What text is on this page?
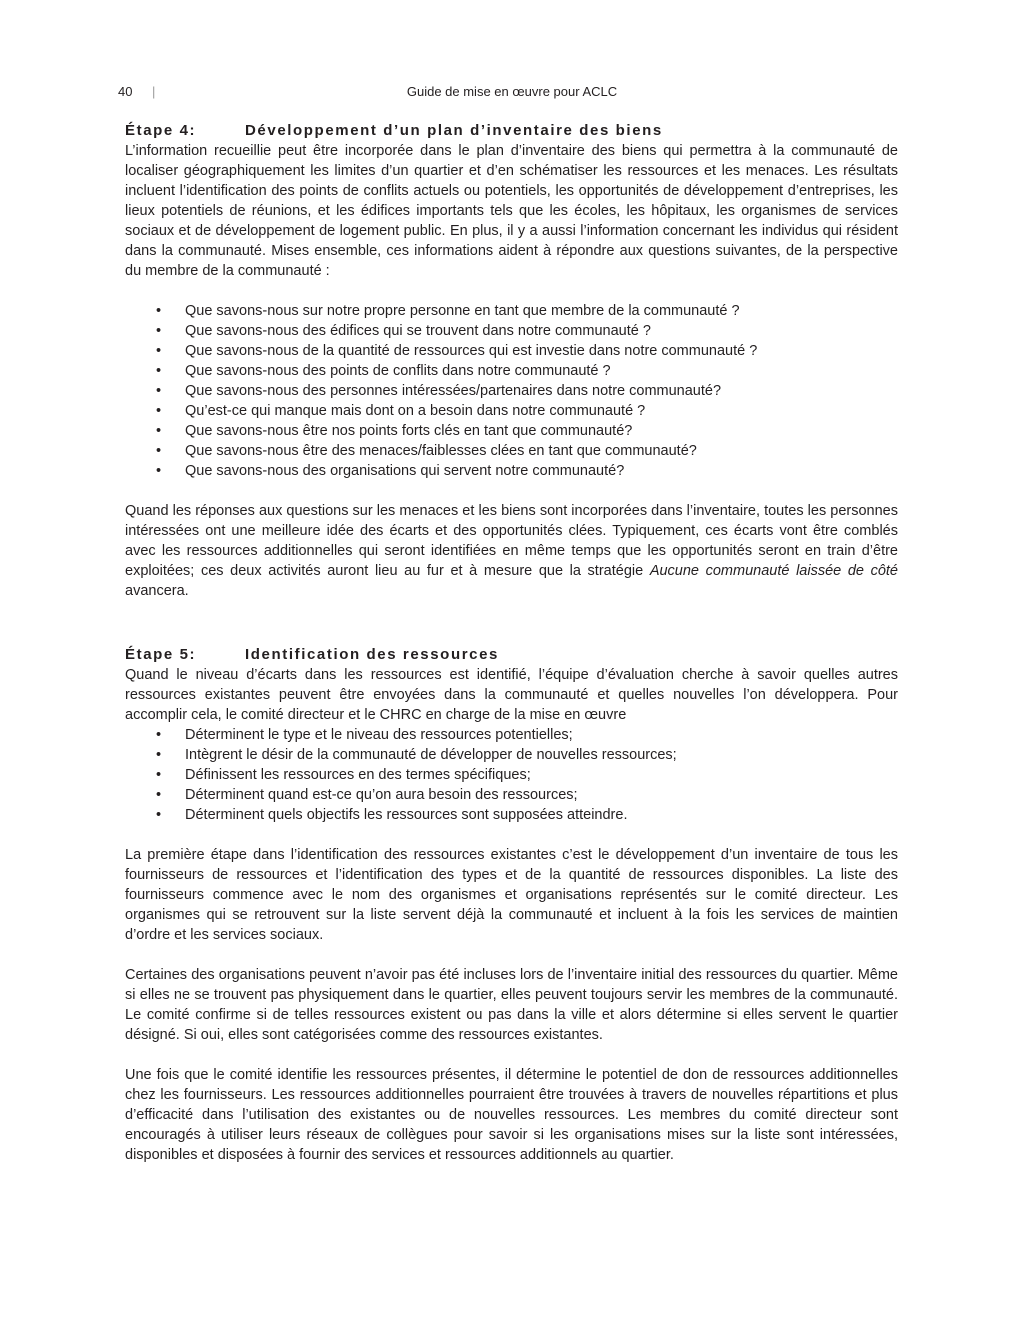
40 |	Guide de mise en œuvre pour ACLC
Étape 4:	Développement d’un plan d’inventaire des biens

L’information recueillie peut être incorporée dans le plan d’inventaire des biens qui permettra à la communauté de localiser géographiquement les limites d’un quartier et d’en schématiser les ressources et les menaces. Les résultats incluent l’identification des points de conflits actuels ou potentiels, les opportunités de développement d’entreprises, les lieux potentiels de réunions, et les édifices importants tels que les écoles, les hôpitaux, les organismes de services sociaux et de développement de logement public. En plus, il y a aussi l’information concernant les individus qui résident dans la communauté. Mises ensemble, ces informations aident à répondre aux questions suivantes, de la perspective du membre de la communauté :

• Que savons-nous sur notre propre personne en tant que membre de la communauté ?
• Que savons-nous des édifices qui se trouvent dans notre communauté ?
• Que savons-nous de la quantité de ressources qui est investie dans notre communauté ?
• Que savons-nous des points de conflits dans notre communauté ?
• Que savons-nous des personnes intéressées/partenaires dans notre communauté?
• Qu’est-ce qui manque mais dont on a besoin dans notre communauté ?
• Que savons-nous être nos points forts clés en tant que communauté?
• Que savons-nous être des menaces/faiblesses clées en tant que communauté?
• Que savons-nous des organisations qui servent notre communauté?

Quand les réponses aux questions sur les menaces et les biens sont incorporées dans l’inventaire, toutes les personnes intéressées ont une meilleure idée des écarts et des opportunités clées. Typiquement, ces écarts vont être comblés avec les ressources additionnelles qui seront identifiées en même temps que les opportunités seront en train d’être exploitées; ces deux activités auront lieu au fur et à mesure que la stratégie Aucune communauté laissée de côté avancera.

Étape 5:	Identification des ressources

Quand le niveau d’écarts dans les ressources est identifié, l’équipe d’évaluation cherche à savoir quelles autres ressources existantes peuvent être envoyées dans la communauté et quelles nouvelles l’on développera. Pour accomplir cela, le comité directeur et le CHRC en charge de la mise en œuvre

• Déterminent le type et le niveau des ressources potentielles;
• Intègrent le désir de la communauté de développer de nouvelles ressources;
• Définissent les ressources en des termes spécifiques;
• Déterminent quand est-ce qu’on aura besoin des ressources;
• Déterminent quels objectifs les ressources sont supposées atteindre.

La première étape dans l’identification des ressources existantes c’est le développement d’un inventaire de tous les fournisseurs de ressources et l’identification des types et de la quantité de ressources disponibles. La liste des fournisseurs commence avec le nom des organismes et organisations représentés sur le comité directeur. Les organismes qui se retrouvent sur la liste servent déjà la communauté et incluent à la fois les services de maintien d’ordre et les services sociaux.

Certaines des organisations peuvent n’avoir pas été incluses lors de l’inventaire initial des ressources du quartier. Même si elles ne se trouvent pas physiquement dans le quartier, elles peuvent toujours servir les membres de la communauté. Le comité confirme si de telles ressources existent ou pas dans la ville et alors détermine si elles servent le quartier désigné. Si oui, elles sont catégorisées comme des ressources existantes.

Une fois que le comité identifie les ressources présentes, il détermine le potentiel de don de ressources additionnelles chez les fournisseurs. Les ressources additionnelles pourraient être trouvées à travers de nouvelles répartitions et plus d’efficacité dans l’utilisation des existantes ou de nouvelles ressources. Les membres du comité directeur sont encouragés à utiliser leurs réseaux de collègues pour savoir si les organisations mises sur la liste sont intéressées, disponibles et disposées à fournir des services et ressources additionnels au quartier.
